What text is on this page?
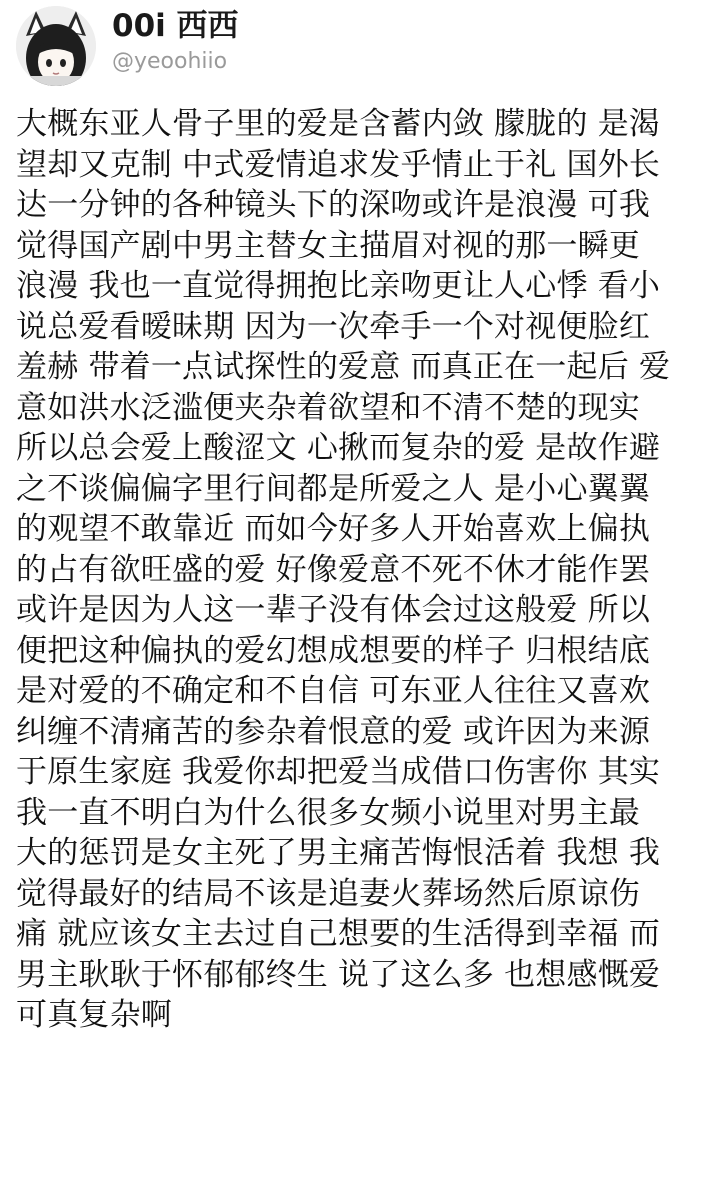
00i 西西
@yeoohiio
大概东亚人骨子里的爱是含蓄内敛 朦胧的 是渴
望却又克制 中式爱情追求发乎情止于礼 国外长
达一分钟的各种镜头下的深吻或许是浪漫 可我
觉得国产剧中男主替女主描眉对视的那一瞬更
浪漫 我也一直觉得拥抱比亲吻更让人心悸 看小
说总爱看暧昧期 因为一次牵手一个对视便脸红
羞赫 带着一点试探性的爱意 而真正在一起后 爱
意如洪水泛滥便夹杂着欲望和不清不楚的现实
所以总会爱上酸涩文 心揪而复杂的爱 是故作避
之不谈偏偏字里行间都是所爱之人 是小心翼翼
的观望不敢靠近 而如今好多人开始喜欢上偏执
的占有欲旺盛的爱 好像爱意不死不休才能作罢
或许是因为人这一辈子没有体会过这般爱 所以
便把这种偏执的爱幻想成想要的样子 归根结底
是对爱的不确定和不自信 可东亚人往往又喜欢
纠缠不清痛苦的参杂着恨意的爱 或许因为来源
于原生家庭 我爱你却把爱当成借口伤害你 其实
我一直不明白为什么很多女频小说里对男主最
大的惩罚是女主死了男主痛苦悔恨活着 我想 我
觉得最好的结局不该是追妻火葬场然后原谅伤
痛 就应该女主去过自己想要的生活得到幸福 而
男主耿耿于怀郁郁终生 说了这么多 也想感慨爱
可真复杂啊
